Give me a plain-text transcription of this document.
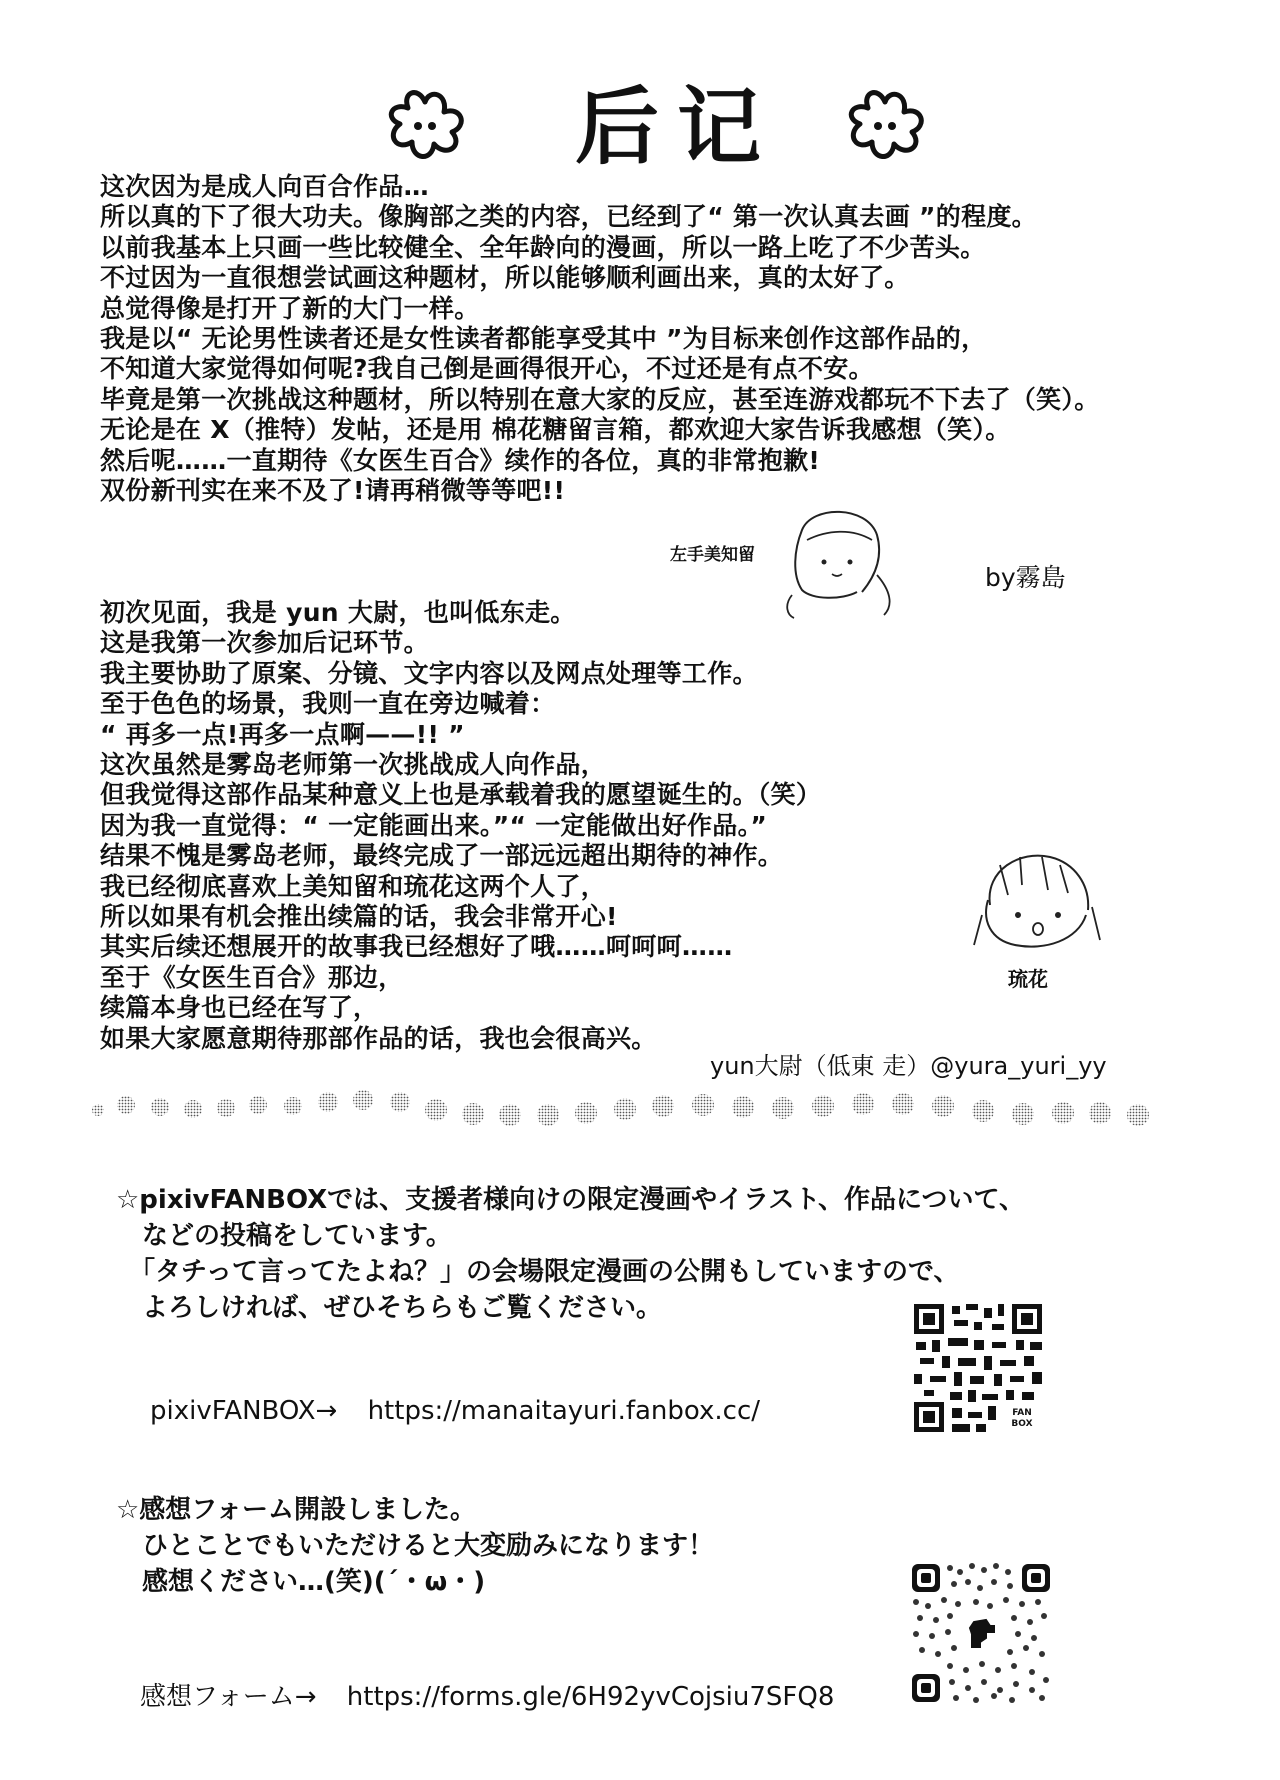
后记
这次因为是成人向百合作品…
所以真的下了很大功夫。像胸部之类的内容，已经到了“ 第一次认真去画 ”的程度。
以前我基本上只画一些比较健全、全年龄向的漫画，所以一路上吃了不少苦头。
不过因为一直很想尝试画这种题材，所以能够顺利画出来，真的太好了。
总觉得像是打开了新的大门一样。
我是以“ 无论男性读者还是女性读者都能享受其中 ”为目标来创作这部作品的，
不知道大家觉得如何呢?我自己倒是画得很开心，不过还是有点不安。
毕竟是第一次挑战这种题材，所以特别在意大家的反应，甚至连游戏都玩不下去了（笑）。
无论是在 X（推特）发帖，还是用 棉花糖留言箱，都欢迎大家告诉我感想（笑）。
然后呢……一直期待《女医生百合》续作的各位，真的非常抱歉!
双份新刊实在来不及了!请再稍微等等吧!!
左手美知留
by霧島
初次见面，我是 yun 大尉，也叫低东走。
这是我第一次参加后记环节。
我主要协助了原案、分镜、文字内容以及网点处理等工作。
至于色色的场景，我则一直在旁边喊着：
“ 再多一点!再多一点啊——!! ”
这次虽然是雾岛老师第一次挑战成人向作品，
但我觉得这部作品某种意义上也是承载着我的愿望诞生的。（笑）
因为我一直觉得：“ 一定能画出来。”“ 一定能做出好作品。”
结果不愧是雾岛老师，最终完成了一部远远超出期待的神作。
我已经彻底喜欢上美知留和琉花这两个人了，
所以如果有机会推出续篇的话，我会非常开心!
其实后续还想展开的故事我已经想好了哦……呵呵呵……
至于《女医生百合》那边，
续篇本身也已经在写了，
如果大家愿意期待那部作品的话，我也会很高兴。
琉花
yun大尉（低東 走）@yura_yuri_yy
☆pixivFANBOXでは、支援者様向けの限定漫画やイラスト、作品について、
　などの投稿をしています。
　「タチって言ってたよね？」の会場限定漫画の公開もしていますので、
　よろしければ、ぜひそちらもご覧ください。
pixivFANBOX→ https://manaitayuri.fanbox.cc/	FAN
BOX
☆感想フォーム開設しました。
　ひとことでもいただけると大変励みになります！
　感想ください…(笑)(´・ω・)
感想フォーム→ https://forms.gle/6H92yvCojsiu7SFQ8
